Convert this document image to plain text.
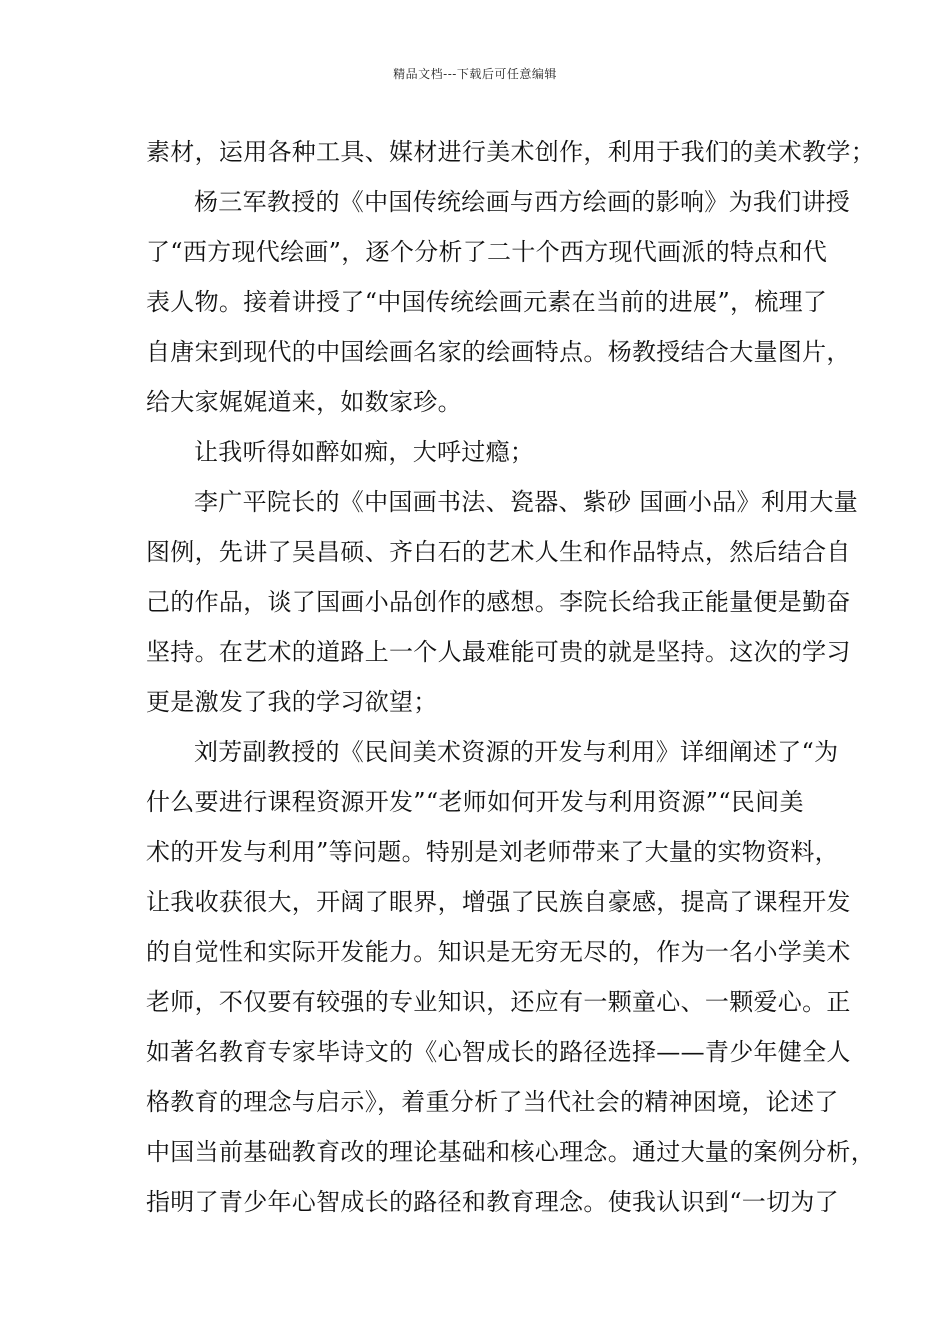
精品文档---下载后可任意编辑
素材，运用各种工具、媒材进行美术创作，利用于我们的美术教学；
杨三军教授的《中国传统绘画与西方绘画的影响》为我们讲授
了“西方现代绘画”，逐个分析了二十个西方现代画派的特点和代
表人物。接着讲授了“中国传统绘画元素在当前的进展”，梳理了
自唐宋到现代的中国绘画名家的绘画特点。杨教授结合大量图片，
给大家娓娓道来，如数家珍。
让我听得如醉如痴，大呼过瘾；
李广平院长的《中国画书法、瓷器、紫砂 国画小品》利用大量
图例，先讲了吴昌硕、齐白石的艺术人生和作品特点，然后结合自
己的作品，谈了国画小品创作的感想。李院长给我正能量便是勤奋
坚持。在艺术的道路上一个人最难能可贵的就是坚持。这次的学习
更是激发了我的学习欲望；
刘芳副教授的《民间美术资源的开发与利用》详细阐述了“为
什么要进行课程资源开发”“老师如何开发与利用资源”“民间美
术的开发与利用”等问题。特别是刘老师带来了大量的实物资料，
让我收获很大，开阔了眼界，增强了民族自豪感，提高了课程开发
的自觉性和实际开发能力。知识是无穷无尽的，作为一名小学美术
老师，不仅要有较强的专业知识，还应有一颗童心、一颗爱心。正
如著名教育专家毕诗文的《心智成长的路径选择——青少年健全人
格教育的理念与启示》，着重分析了当代社会的精神困境，论述了
中国当前基础教育改的理论基础和核心理念。通过大量的案例分析，
指明了青少年心智成长的路径和教育理念。使我认识到“一切为了
